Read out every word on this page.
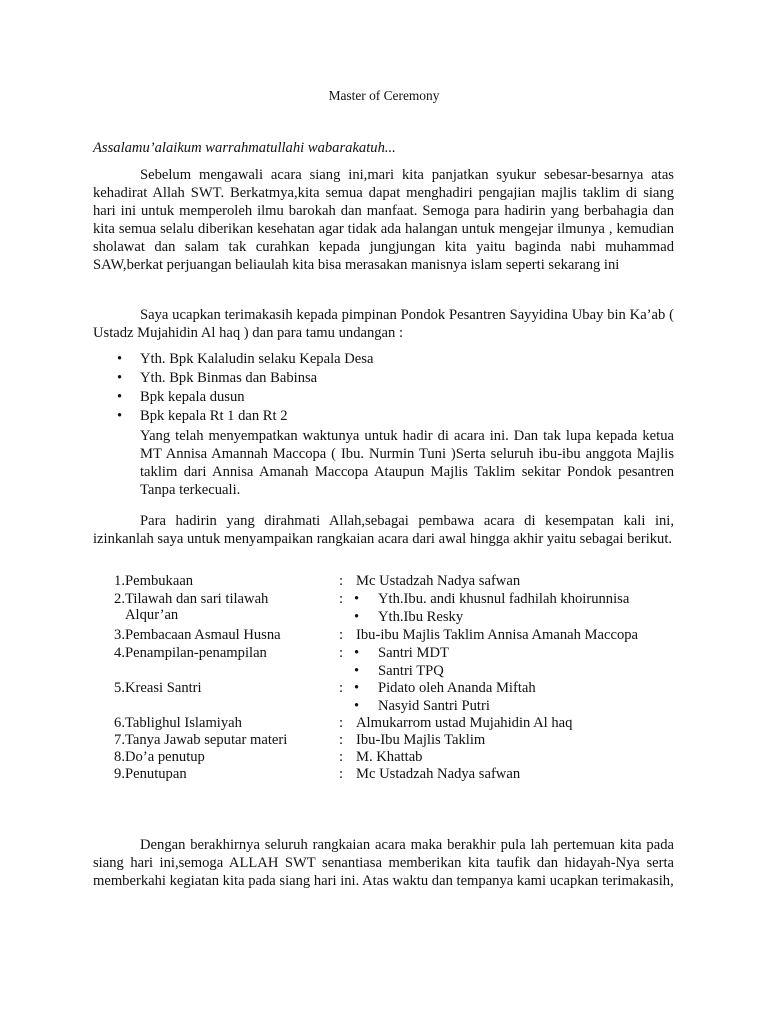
Master of Ceremony
Assalamu’alaikum warrahmatullahi wabarakatuh...

Sebelum mengawali acara siang ini,mari kita panjatkan syukur sebesar-besarnya atas kehadirat Allah SWT. Berkatmya,kita semua dapat menghadiri pengajian majlis taklim di siang hari ini untuk memperoleh ilmu barokah dan manfaat. Semoga para hadirin yang berbahagia dan kita semua selalu diberikan kesehatan agar tidak ada halangan untuk mengejar ilmunya , kemudian sholawat dan salam tak curahkan kepada jungjungan kita yaitu baginda nabi muhammad SAW,berkat perjuangan beliaulah kita bisa merasakan manisnya islam seperti sekarang ini

Saya ucapkan terimakasih kepada pimpinan Pondok Pesantren Sayyidina Ubay bin Ka’ab ( Ustadz Mujahidin Al haq ) dan para tamu undangan :

• Yth. Bpk Kalaludin selaku Kepala Desa
• Yth. Bpk Binmas dan Babinsa
• Bpk kepala dusun
• Bpk kepala Rt 1 dan Rt 2

Yang telah menyempatkan waktunya untuk hadir di acara ini. Dan tak lupa kepada ketua MT Annisa Amannah Maccopa ( Ibu. Nurmin Tuni )Serta seluruh ibu-ibu anggota Majlis taklim dari Annisa Amanah Maccopa Ataupun Majlis Taklim sekitar Pondok pesantren Tanpa terkecuali.

Para hadirin yang dirahmati Allah,sebagai pembawa acara di kesempatan kali ini, izinkanlah saya untuk menyampaikan rangkaian acara dari awal hingga akhir yaitu sebagai berikut.

1. Pembukaan	: Mc Ustadzah Nadya safwan
2. Tilawah dan sari tilawah Alqur’an
: • Yth.Ibu. andi khusnul fadhilah khoirunnisa
• Yth.Ibu Resky
3. Pembacaan Asmaul Husna	: Ibu-ibu Majlis Taklim Annisa Amanah Maccopa
4. Penampilan-penampilan	: • Santri MDT
• Santri TPQ
5. Kreasi Santri	: • Pidato oleh Ananda Miftah
• Nasyid Santri Putri
6. Tablighul Islamiyah	: Almukarrom ustad Mujahidin Al haq
7. Tanya Jawab seputar materi	: Ibu-Ibu Majlis Taklim
8. Do’a penutup	: M. Khattab
9. Penutupan	: Mc Ustadzah Nadya safwan

Dengan berakhirnya seluruh rangkaian acara maka berakhir pula lah pertemuan kita pada siang hari ini,semoga ALLAH SWT senantiasa memberikan kita taufik dan hidayah-Nya serta memberkahi kegiatan kita pada siang hari ini. Atas waktu dan tempanya kami ucapkan terimakasih,
